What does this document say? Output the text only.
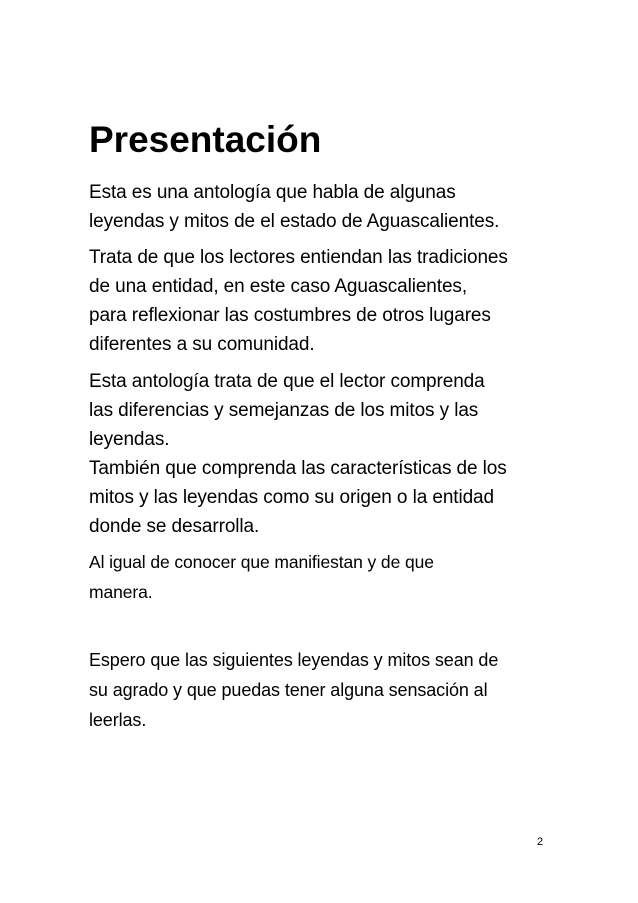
Presentación

Esta es una antología que habla de algunas
leyendas y mitos de el estado de Aguascalientes.

Trata de que los lectores entiendan las tradiciones
de una entidad, en este caso Aguascalientes,
para reflexionar las costumbres de otros lugares
diferentes a su comunidad.

Esta antología trata de que el lector comprenda
las diferencias y semejanzas de los mitos y las
leyendas.

También que comprenda las características de los
mitos y las leyendas como su origen o la entidad
donde se desarrolla.

Al igual de conocer que manifiestan y de que
manera.

Espero que las siguientes leyendas y mitos sean de
su agrado y que puedas tener alguna sensación al
leerlas.

2
